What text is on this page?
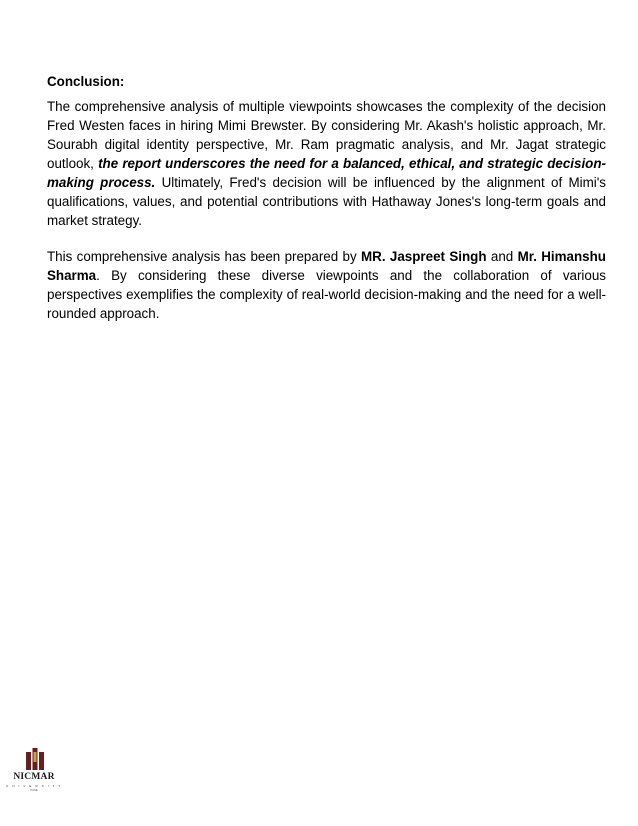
Conclusion:

The comprehensive analysis of multiple viewpoints showcases the complexity of the decision Fred Westen faces in hiring Mimi Brewster. By considering Mr. Akash's holistic approach, Mr. Sourabh digital identity perspective, Mr. Ram pragmatic analysis, and Mr. Jagat strategic outlook, the report underscores the need for a balanced, ethical, and strategic decision-making process. Ultimately, Fred's decision will be influenced by the alignment of Mimi's qualifications, values, and potential contributions with Hathaway Jones's long-term goals and market strategy.

This comprehensive analysis has been prepared by MR. Jaspreet Singh and Mr. Himanshu Sharma. By considering these diverse viewpoints and the collaboration of various perspectives exemplifies the complexity of real-world decision-making and the need for a well-rounded approach.

NICMAR
U N I V E R S I T Y
PUNE
